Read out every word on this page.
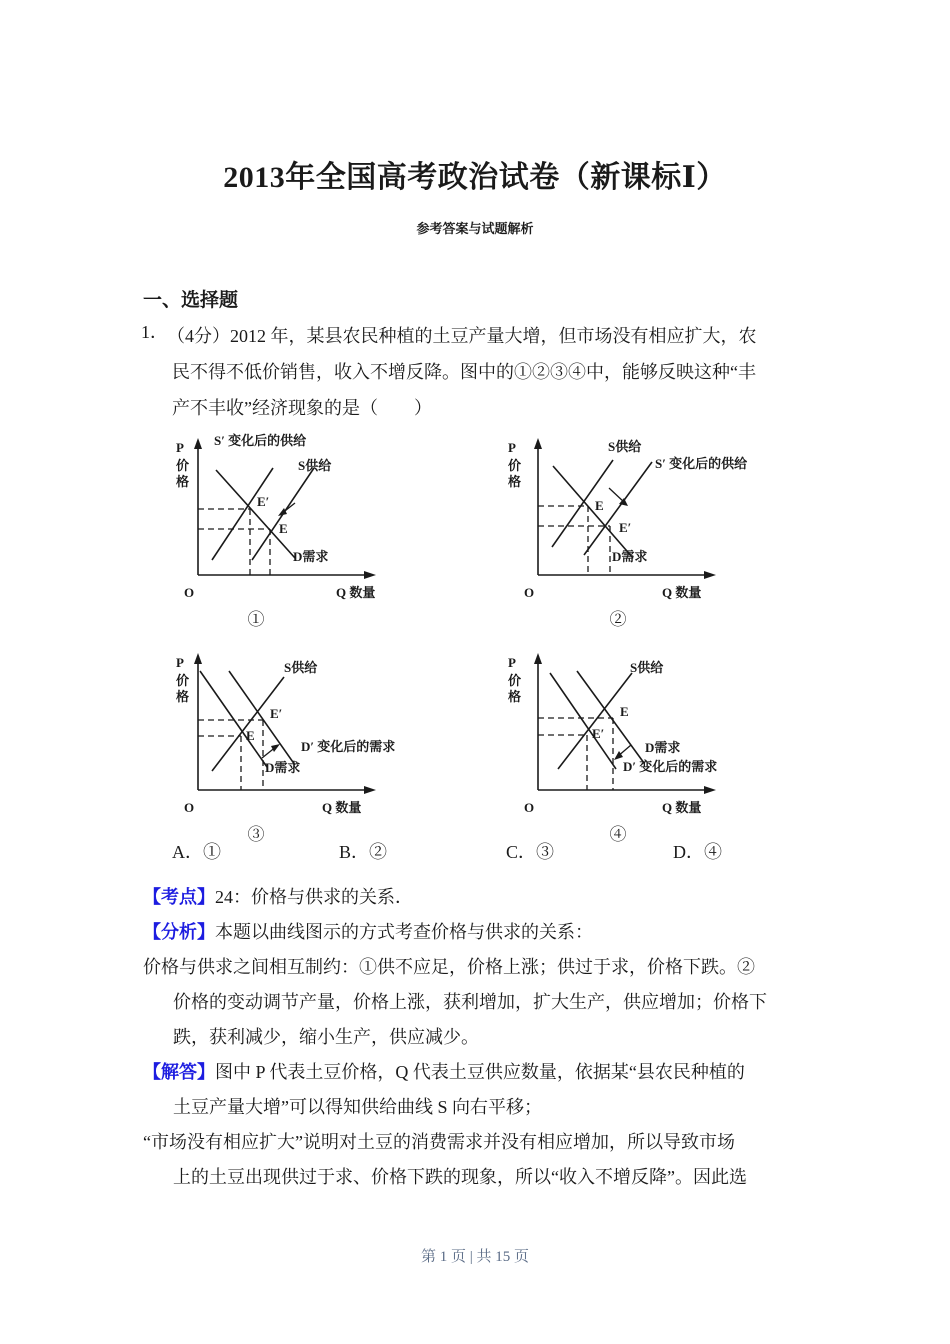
2013年全国高考政治试卷（新课标Ⅰ）
参考答案与试题解析
一、选择题
1． （4分）2012 年，某县农民种植的土豆产量大增，但市场没有相应扩大，农
民不得不低价销售，收入不增反降。图中的①②③④中，能够反映这种“丰
产不丰收”经济现象的是（　　）
P
价
格
O	Q 数量
S′ 变化后的供给
S供给
D需求
E′
E
①
P
价
格
O	Q 数量
S供给
S′ 变化后的供给
D需求
E
E′
②
P
价
格
O	Q 数量
S供给
D′ 变化后的需求
D需求
E′
E
③
P
价
格
O	Q 数量
S供给
D需求
D′ 变化后的需求
E
E′
④
A．①	B．②	C．③	D．④
【考点】24：价格与供求的关系．
【分析】本题以曲线图示的方式考查价格与供求的关系：
价格与供求之间相互制约：①供不应足，价格上涨；供过于求，价格下跌。②
价格的变动调节产量，价格上涨，获利增加，扩大生产，供应增加；价格下
跌，获利减少，缩小生产，供应减少。
【解答】图中 P 代表土豆价格，Q 代表土豆供应数量，依据某“县农民种植的
土豆产量大增”可以得知供给曲线 S 向右平移；
“市场没有相应扩大”说明对土豆的消费需求并没有相应增加，所以导致市场
上的土豆出现供过于求、价格下跌的现象，所以“收入不增反降”。因此选
第 1 页 | 共 15 页
